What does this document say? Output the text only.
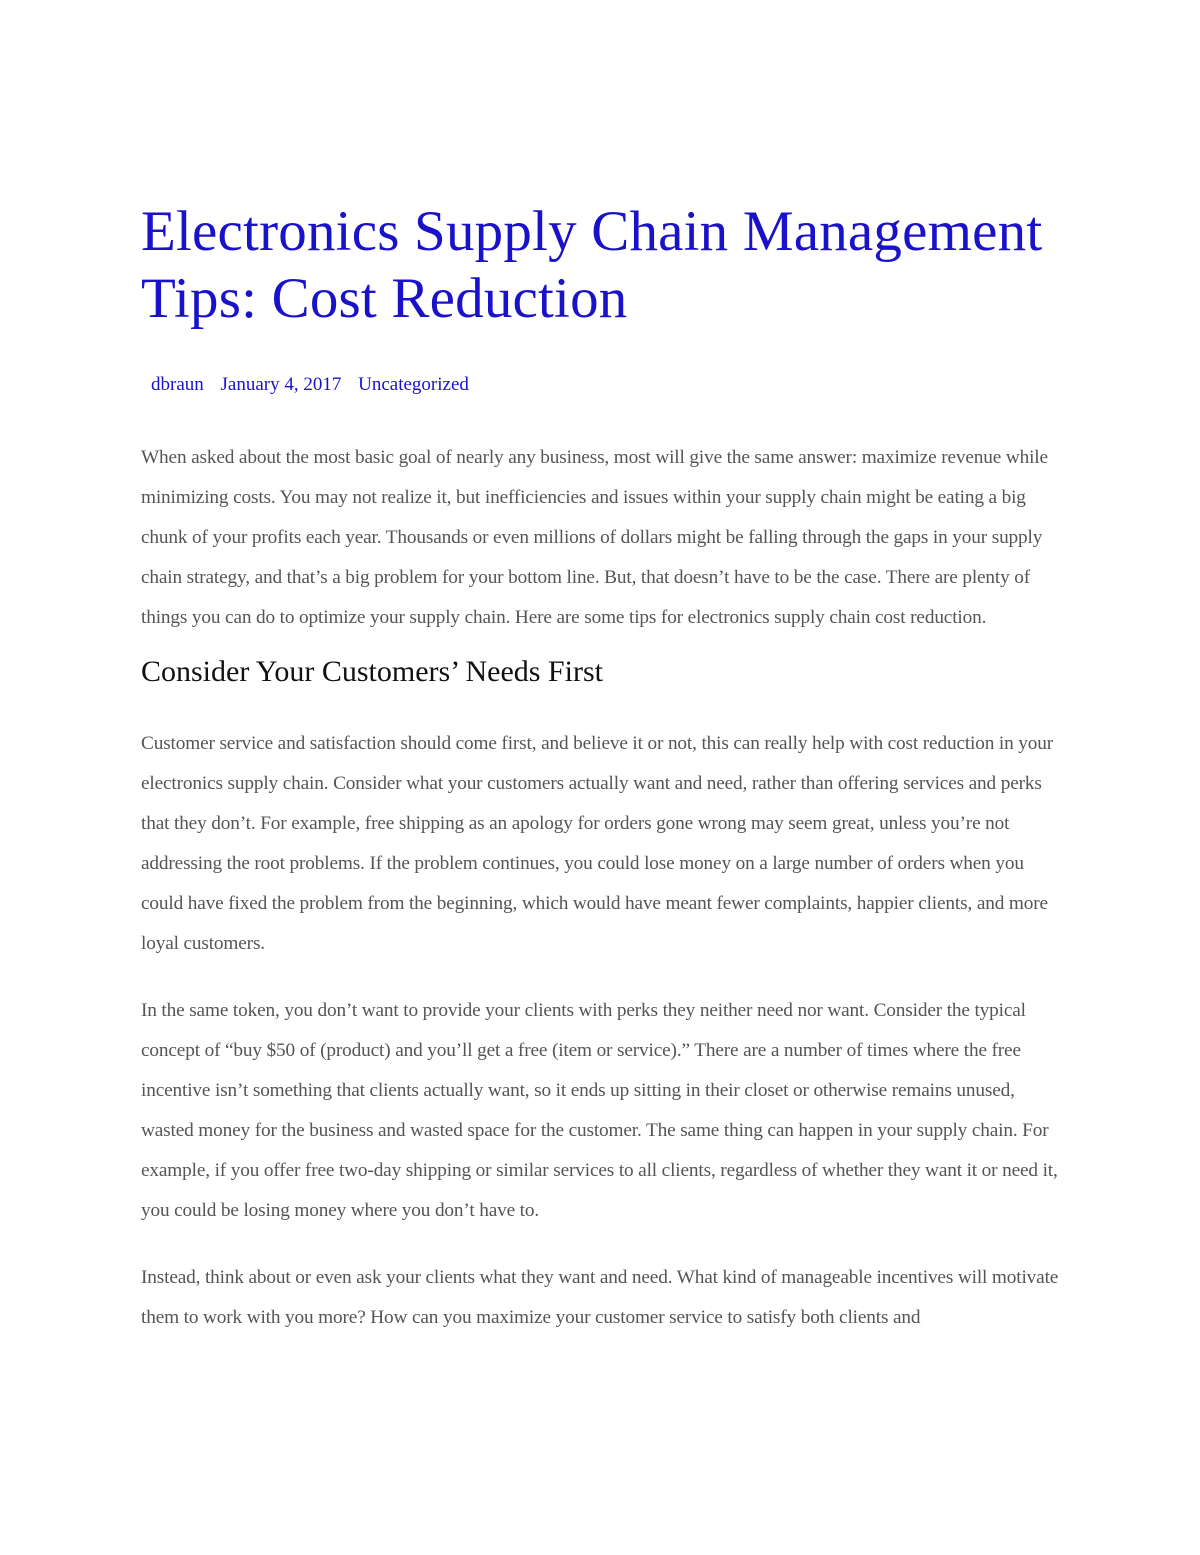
Electronics Supply Chain Management Tips: Cost Reduction
dbraun January 4, 2017 Uncategorized

When asked about the most basic goal of nearly any business, most will give the same answer: maximize revenue while minimizing costs. You may not realize it, but inefficiencies and issues within your supply chain might be eating a big chunk of your profits each year. Thousands or even millions of dollars might be falling through the gaps in your supply chain strategy, and that’s a big problem for your bottom line. But, that doesn’t have to be the case. There are plenty of things you can do to optimize your supply chain. Here are some tips for electronics supply chain cost reduction.

Consider Your Customers’ Needs First

Customer service and satisfaction should come first, and believe it or not, this can really help with cost reduction in your electronics supply chain. Consider what your customers actually want and need, rather than offering services and perks that they don’t. For example, free shipping as an apology for orders gone wrong may seem great, unless you’re not addressing the root problems. If the problem continues, you could lose money on a large number of orders when you could have fixed the problem from the beginning, which would have meant fewer complaints, happier clients, and more loyal customers.

In the same token, you don’t want to provide your clients with perks they neither need nor want. Consider the typical concept of “buy $50 of (product) and you’ll get a free (item or service).” There are a number of times where the free incentive isn’t something that clients actually want, so it ends up sitting in their closet or otherwise remains unused, wasted money for the business and wasted space for the customer. The same thing can happen in your supply chain. For example, if you offer free two-day shipping or similar services to all clients, regardless of whether they want it or need it, you could be losing money where you don’t have to.

Instead, think about or even ask your clients what they want and need. What kind of manageable incentives will motivate them to work with you more? How can you maximize your customer service to satisfy both clients and
